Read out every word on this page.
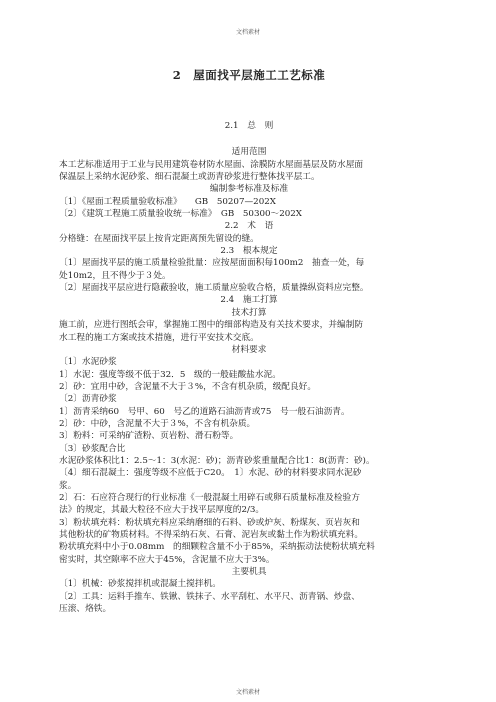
文档素材
2　屋面找平层施工工艺标准
2.1　总　则
适用范围
本工艺标准适用于工业与民用建筑卷材防水屋面、涂膜防水屋面基层及防水屋面
保温层上采纳水泥砂浆、细石混凝土或沥青砂浆进行整体找平层工。
编制参考标准及标准
〔1〕《屋面工程质量验收标准》　　GB　50207—202X
〔2〕《建筑工程施工质量验收统一标准》　GB　50300～202X
2.2　术　语
分格缝：在屋面找平层上按肯定距离预先留设的缝。
2.3　根本规定
〔1〕屋面找平层的施工质量检验批量：应按屋面面积每100m2　抽查一处，每
处10m2，且不得少于３处。
〔2〕屋面找平层应进行隐蔽验收，施工质量应验收合格，质量操纵资料应完整。
2.4　施工打算
技术打算
施工前，应进行图纸会审，掌握施工图中的细部构造及有关技术要求，并编制防
水工程的施工方案或技术措施，进行平安技术交底。
材料要求
〔1〕水泥砂浆
1〕水泥：强度等级不低于32．5　级的一般硅酸盐水泥。
2〕砂：宜用中砂，含泥量不大于３%，不含有机杂质，级配良好。
〔2〕沥青砂浆
1〕沥青采纳60　号甲、60　号乙的道路石油沥青或75　号一般石油沥青。
2〕砂：中砂，含泥量不大于３%，不含有机杂质。
3〕粉料：可采纳矿渣粉、页岩粉、滑石粉等。
〔3〕砂浆配合比
水泥砂浆体积比1：2.5～1：3(水泥：砂)；沥青砂浆重量配合比1：8(沥青：砂)。
〔4〕细石混凝土：强度等级不应低于C20。　1〕水泥、砂的材料要求同水泥砂
浆。
2〕石：石应符合现行的行业标准《一般混凝土用碎石或卵石质量标准及检验方
法》的规定，其最大粒径不应大于找平层厚度的2/3。
3〕粉状填充料：粉状填充料应采纳磨细的石料、砂或炉灰、粉煤灰、页岩灰和
其他粉状的矿物质材料。不得采纳石灰、石膏、泥岩灰或黏土作为粉状填充料。
粉状填充料中小于0.08mm　的细颗粒含量不小于85%，采纳振动法使粉状填充料
密实时，其空隙率不应大于45%，含泥量不应大于3%。
主要机具
〔1〕机械：砂浆搅拌机或混凝土搅拌机。
〔2〕工具：运料手推车、铁锹、铁抹子、水平刮杠、水平尺、沥青锅、炒盘、
压滚、烙铁。
文档素材
